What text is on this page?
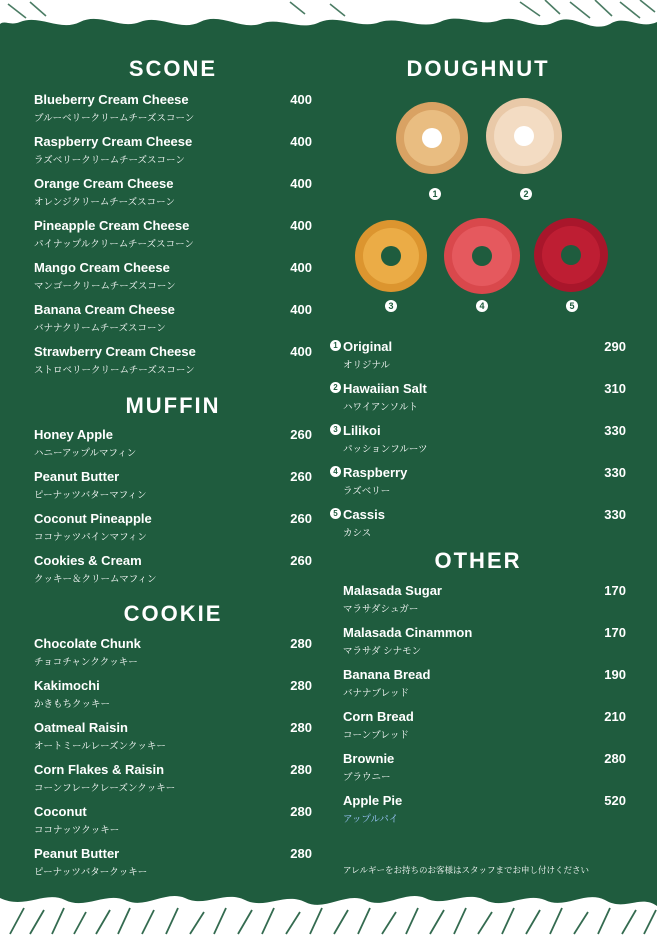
SCONE
Blueberry Cream Cheese
ブルーベリークリームチーズスコーン
400
Raspberry Cream Cheese
ラズベリークリームチーズスコーン
400
Orange Cream Cheese
オレンジクリームチーズスコーン
400
Pineapple Cream Cheese
パイナップルクリームチーズスコーン
400
Mango Cream Cheese
マンゴークリームチーズスコーン
400
Banana Cream Cheese
バナナクリームチーズスコーン
400
Strawberry Cream Cheese
ストロベリークリームチーズスコーン
400
MUFFIN
Honey Apple
ハニーアップルマフィン
260
Peanut Butter
ピーナッツバターマフィン
260
Coconut Pineapple
ココナッツパインマフィン
260
Cookies & Cream
クッキー＆クリームマフィン
260
COOKIE
Chocolate Chunk
チョコチャンククッキー
280
Kakimochi
かきもちクッキー
280
Oatmeal Raisin
オートミールレーズンクッキー
280
Corn Flakes & Raisin
コーンフレークレーズンクッキー
280
Coconut
ココナッツクッキー
280
Peanut Butter
ピーナッツバタークッキー
280
DOUGHNUT
1	2
3	4	5
1 Original
オリジナル
290
2 Hawaiian Salt
ハワイアンソルト
310
3 Lilikoi
パッションフルーツ
330
4 Raspberry
ラズベリー
330
5 Cassis
カシス
330
OTHER
Malasada Sugar
マラサダシュガー
170
Malasada Cinammon
マラサダ シナモン
170
Banana Bread
バナナブレッド
190
Corn Bread
コーンブレッド
210
Brownie
ブラウニー
280
Apple Pie
アップルパイ
520
アレルギーをお持ちのお客様はスタッフまでお申し付けください
